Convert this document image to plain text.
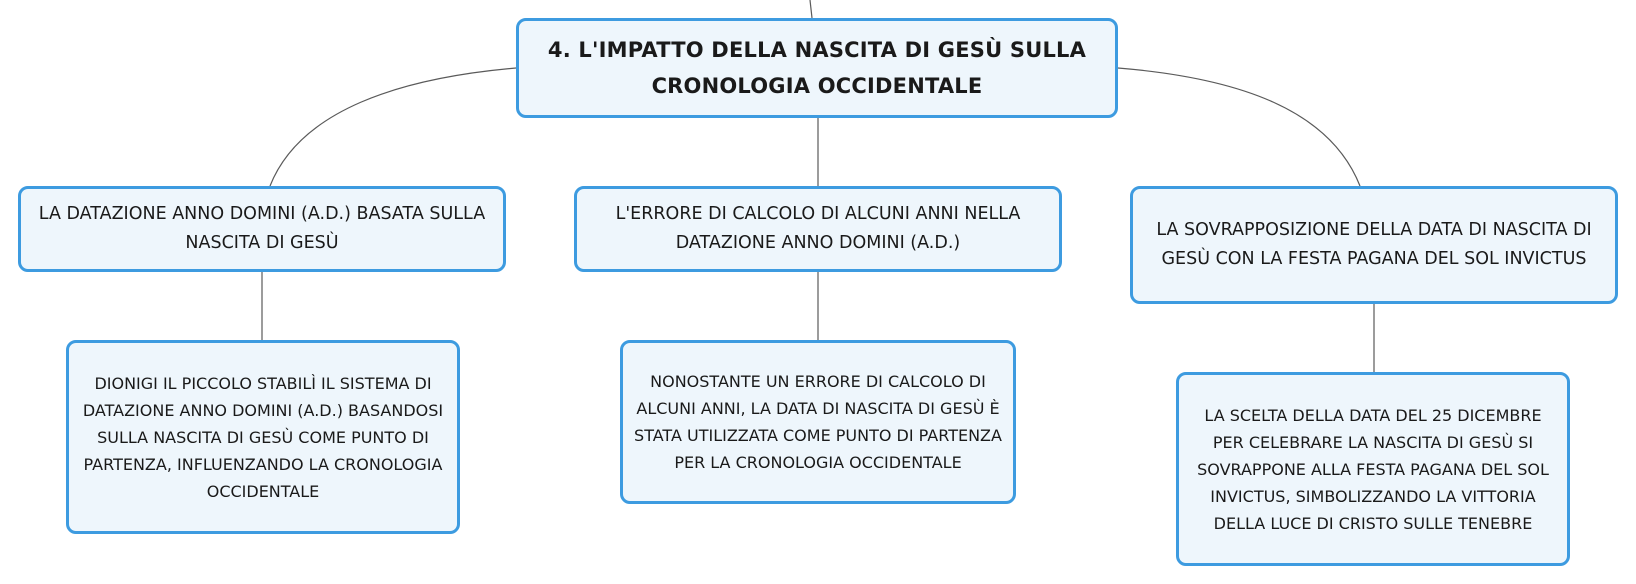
4. L'IMPATTO DELLA NASCITA DI GESÙ SULLA CRONOLOGIA OCCIDENTALE
LA DATAZIONE ANNO DOMINI (A.D.) BASATA SULLA NASCITA DI GESÙ
L'ERRORE DI CALCOLO DI ALCUNI ANNI NELLA DATAZIONE ANNO DOMINI (A.D.)
LA SOVRAPPOSIZIONE DELLA DATA DI NASCITA DI GESÙ CON LA FESTA PAGANA DEL SOL INVICTUS
DIONIGI IL PICCOLO STABILÌ IL SISTEMA DI DATAZIONE ANNO DOMINI (A.D.) BASANDOSI SULLA NASCITA DI GESÙ COME PUNTO DI PARTENZA, INFLUENZANDO LA CRONOLOGIA OCCIDENTALE
NONOSTANTE UN ERRORE DI CALCOLO DI ALCUNI ANNI, LA DATA DI NASCITA DI GESÙ È STATA UTILIZZATA COME PUNTO DI PARTENZA PER LA CRONOLOGIA OCCIDENTALE
LA SCELTA DELLA DATA DEL 25 DICEMBRE PER CELEBRARE LA NASCITA DI GESÙ SI SOVRAPPONE ALLA FESTA PAGANA DEL SOL INVICTUS, SIMBOLIZZANDO LA VITTORIA DELLA LUCE DI CRISTO SULLE TENEBRE
